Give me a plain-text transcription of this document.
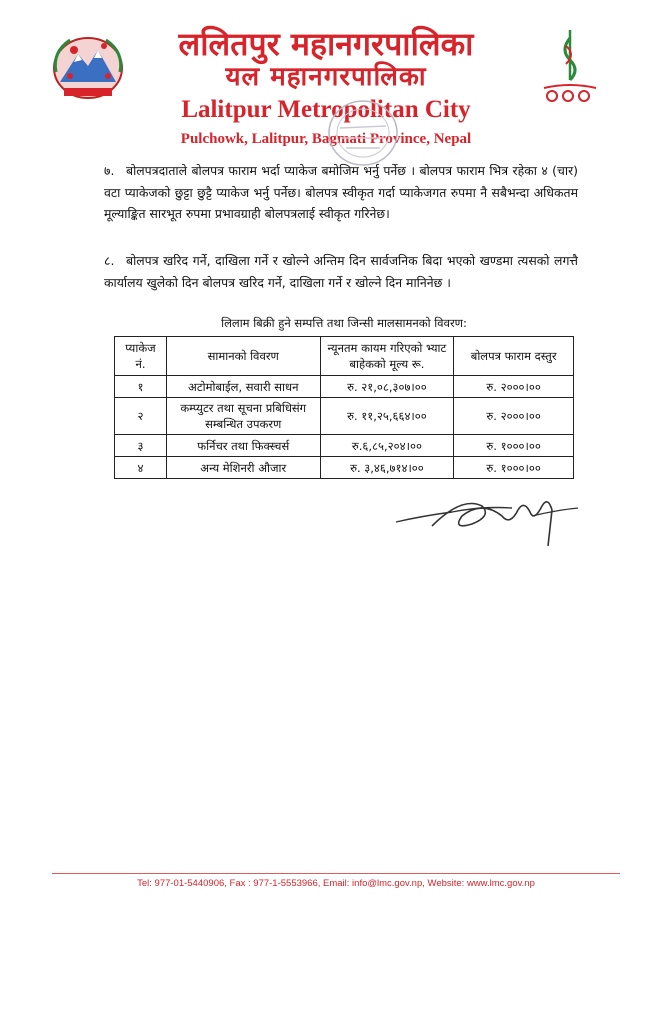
ललितपुर महानगरपालिका
यल महानगरपालिका
Lalitpur Metropolitan City
Pulchowk, Lalitpur, Bagmati Province, Nepal
७. बोलपत्रदाताले बोलपत्र फाराम भर्दा प्याकेज बमोजिम भर्नु पर्नेछ । बोलपत्र फाराम भित्र रहेका ४ (चार) वटा प्याकेजको छुट्टा छुट्टै प्याकेज भर्नु पर्नेछ। बोलपत्र स्वीकृत गर्दा प्याकेजगत रुपमा नै सबैभन्दा अधिकतम मूल्याङ्कित सारभूत रुपमा प्रभावग्राही बोलपत्रलाई स्वीकृत गरिनेछ।
८. बोलपत्र खरिद गर्ने, दाखिला गर्ने र खोल्ने अन्तिम दिन सार्वजनिक बिदा भएको खण्डमा त्यसको लगत्तै कार्यालय खुलेको दिन बोलपत्र खरिद गर्ने, दाखिला गर्ने र खोल्ने दिन मानिनेछ ।
लिलाम बिक्री हुने सम्पत्ति तथा जिन्सी मालसामनको विवरण:
प्याकेज नं.	सामानको विवरण	न्यूनतम कायम गरिएको भ्याट बाहेकको मूल्य रू.	बोलपत्र फाराम दस्तुर
१	अटोमोबाईल, सवारी साधन	रु. २१,०८,३०७।००	रु. २०००।००
२	कम्प्युटर तथा सूचना प्रबिधिसंग सम्बन्धित उपकरण	रु. ११,२५,६६४।००	रु. २०००।००
३	फर्निचर तथा फिक्स्चर्स	रु.६,८५,२०४।००	रु. १०००।००
४	अन्य मेशिनरी औजार	रु. ३,४६,७१४।००	रु. १०००।००
Tel: 977-01-5440906, Fax : 977-1-5553966, Email: info@lmc.gov.np, Website: www.lmc.gov.np
